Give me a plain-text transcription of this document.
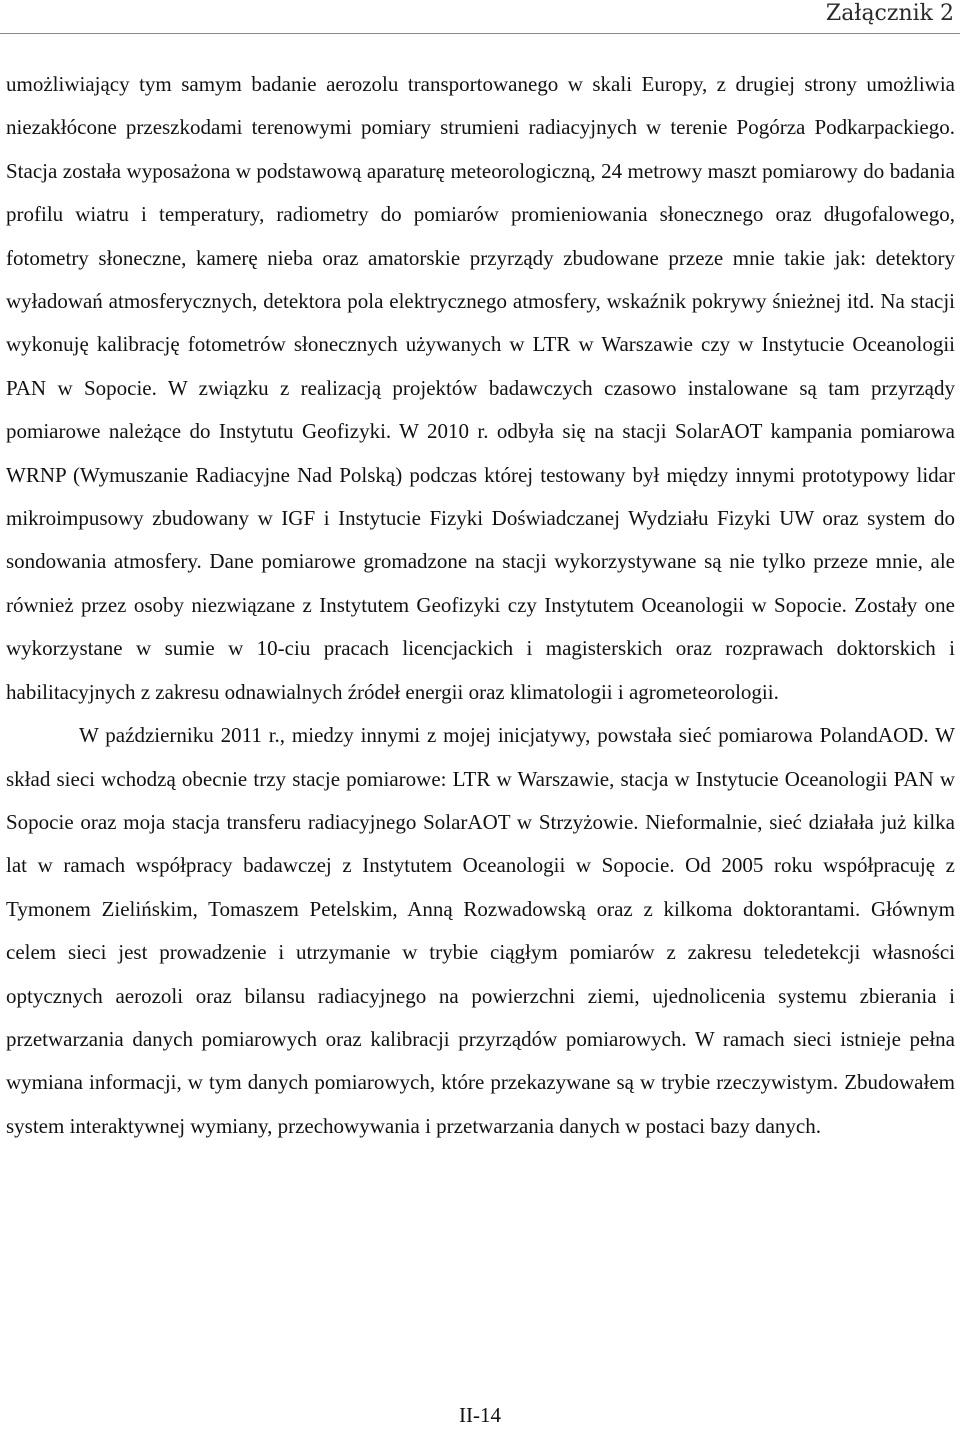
Załącznik 2

umożliwiający tym samym badanie aerozolu transportowanego w skali Europy, z drugiej strony umożliwia niezakłócone przeszkodami terenowymi pomiary strumieni radiacyjnych w terenie Pogórza Podkarpackiego. Stacja została wyposażona w podstawową aparaturę meteorologiczną, 24 metrowy maszt pomiarowy do badania profilu wiatru i temperatury, radiometry do pomiarów promieniowania słonecznego oraz długofalowego, fotometry słoneczne, kamerę nieba oraz amatorskie przyrządy zbudowane przeze mnie takie jak: detektory wyładowań atmosferycznych, detektora pola elektrycznego atmosfery, wskaźnik pokrywy śnieżnej itd. Na stacji wykonuję kalibrację fotometrów słonecznych używanych w LTR w Warszawie czy w Instytucie Oceanologii PAN w Sopocie. W związku z realizacją projektów badawczych czasowo instalowane są tam przyrządy pomiarowe należące do Instytutu Geofizyki. W 2010 r. odbyła się na stacji SolarAOT kampania pomiarowa WRNP (Wymuszanie Radiacyjne Nad Polską) podczas której testowany był między innymi prototypowy lidar mikroimpusowy zbudowany w IGF i Instytucie Fizyki Doświadczanej Wydziału Fizyki UW oraz system do sondowania atmosfery. Dane pomiarowe gromadzone na stacji wykorzystywane są nie tylko przeze mnie, ale również przez osoby niezwiązane z Instytutem Geofizyki czy Instytutem Oceanologii w Sopocie. Zostały one wykorzystane w sumie w 10-ciu pracach licencjackich i magisterskich oraz rozprawach doktorskich i habilitacyjnych z zakresu odnawialnych źródeł energii oraz klimatologii i agrometeorologii.

W październiku 2011 r., miedzy innymi z mojej inicjatywy, powstała sieć pomiarowa PolandAOD. W skład sieci wchodzą obecnie trzy stacje pomiarowe: LTR w Warszawie, stacja w Instytucie Oceanologii PAN w Sopocie oraz moja stacja transferu radiacyjnego SolarAOT w Strzyżowie. Nieformalnie, sieć działała już kilka lat w ramach współpracy badawczej z Instytutem Oceanologii w Sopocie. Od 2005 roku współpracuję z Tymonem Zielińskim, Tomaszem Petelskim, Anną Rozwadowską oraz z kilkoma doktorantami. Głównym celem sieci jest prowadzenie i utrzymanie w trybie ciągłym pomiarów z zakresu teledetekcji własności optycznych aerozoli oraz bilansu radiacyjnego na powierzchni ziemi, ujednolicenia systemu zbierania i przetwarzania danych pomiarowych oraz kalibracji przyrządów pomiarowych. W ramach sieci istnieje pełna wymiana informacji, w tym danych pomiarowych, które przekazywane są w trybie rzeczywistym. Zbudowałem system interaktywnej wymiany, przechowywania i przetwarzania danych w postaci bazy danych.

II-14
